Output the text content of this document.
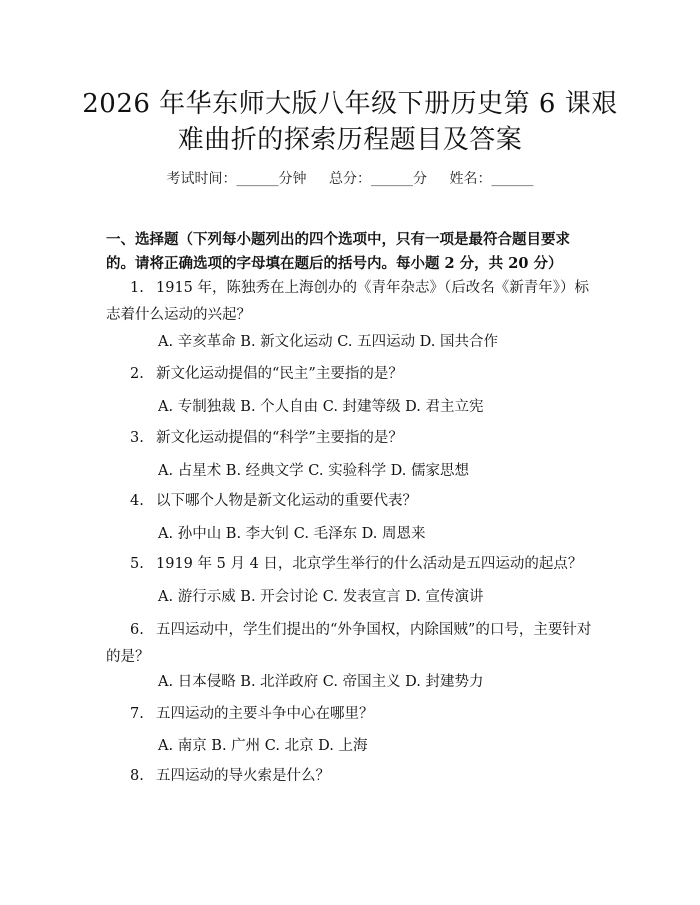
2026 年华东师大版八年级下册历史第 6 课艰
难曲折的探索历程题目及答案
考试时间：______分钟 总分：______分 姓名：______
一、选择题（下列每小题列出的四个选项中，只有一项是最符合题目要求的。请将正确选项的字母填在题后的括号内。每小题 2 分，共 20 分）
1. 1915 年，陈独秀在上海创办的《青年杂志》（后改名《新青年》）标志着什么运动的兴起？
A. 辛亥革命 B. 新文化运动 C. 五四运动 D. 国共合作
2. 新文化运动提倡的“民主”主要指的是？
A. 专制独裁 B. 个人自由 C. 封建等级 D. 君主立宪
3. 新文化运动提倡的“科学”主要指的是？
A. 占星术 B. 经典文学 C. 实验科学 D. 儒家思想
4. 以下哪个人物是新文化运动的重要代表？
A. 孙中山 B. 李大钊 C. 毛泽东 D. 周恩来
5. 1919 年 5 月 4 日，北京学生举行的什么活动是五四运动的起点？
A. 游行示威 B. 开会讨论 C. 发表宣言 D. 宣传演讲
6. 五四运动中，学生们提出的“外争国权，内除国贼”的口号，主要针对的是？
A. 日本侵略 B. 北洋政府 C. 帝国主义 D. 封建势力
7. 五四运动的主要斗争中心在哪里？
A. 南京 B. 广州 C. 北京 D. 上海
8. 五四运动的导火索是什么？
